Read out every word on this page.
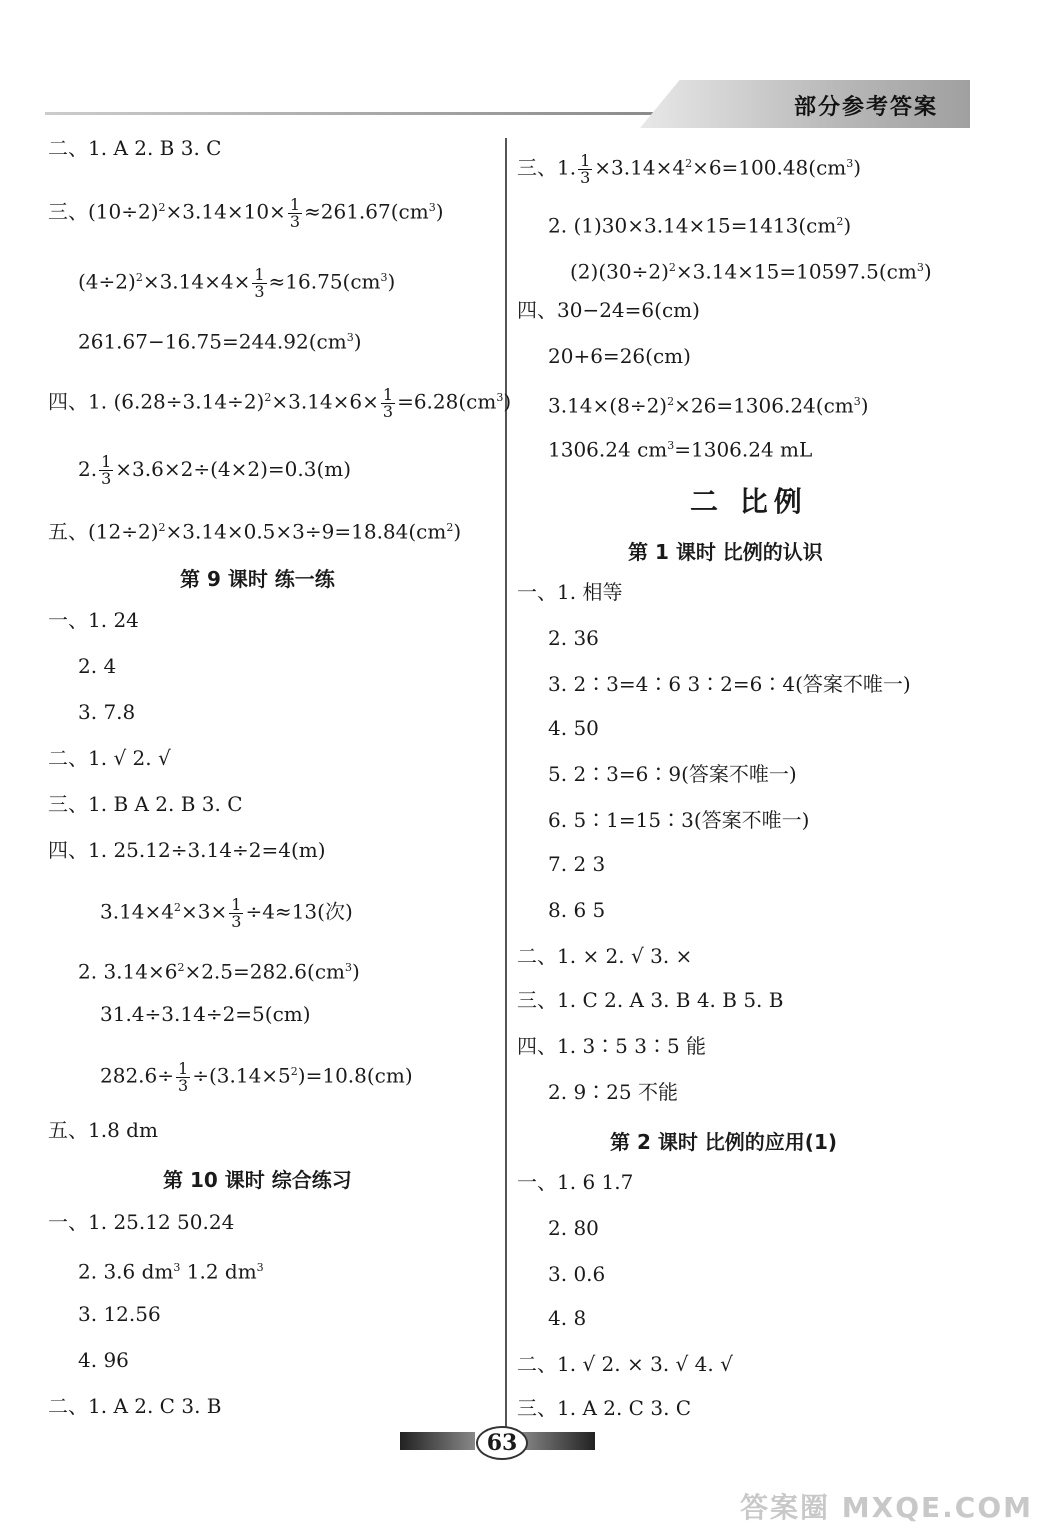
部分参考答案
二、1. A 2. B 3. C
三、$(10\div 2)^2\times 3.14\times 10\times \frac{1}{3} \approx 261.67(cm^3)$
$(4\div 2)^2\times 3.14\times 4\times \frac{1}{3} \approx 16.75(cm^3)$
$261.67-16.75=244.92(cm^3)$
四、1. $(6.28\div 3.14\div 2)^2\times 3.14\times 6\times \frac{1}{3} =6.28(cm^3)$
2. $\frac{1}{3} \times 3.6\times 2\div(4\times 2)=0.3(m)$
五、$(12\div 2)^2\times 3.14\times 0.5\times 3\div 9=18.84(cm^2)$
第 9 课时 练一练
一、1. 24
2. 4
3. 7.8
二、1. √ 2. √
三、1. B A 2. B 3. C
四、1. 25.12÷3.14÷2=4(m)
$3.14\times 4^2\times 3\times \frac{1}{3} \div 4\approx 13$(次)
2. $3.14\times 6^2\times 2.5=282.6(cm^3)$
31.4÷3.14÷2=5(cm)
$282.6\div \frac{1}{3} \div(3.14\times 5^2)=10.8(cm)$
五、1.8 dm
第 10 课时 综合练习
一、1. 25.12 50.24
2. 3.6 $dm^3$ 1.2 $dm^3$
3. 12.56
4. 96
二、1. A 2. C 3. B
三、1. $\frac{1}{3} \times 3.14\times 4^2\times 6=100.48(cm^3)$
2. $(1)30\times 3.14\times 15=1413(cm^2)$
$(2)(30\div 2)^2\times 3.14\times 15=10597.5(cm^3)$
四、30−24=6(cm)
20+6=26(cm)
$3.14\times(8\div 2)^2\times 26=1306.24(cm^3)$
1306.24 $cm^3=1306.24$ mL
二 比例
第 1 课时 比例的认识
一、1. 相等
2. 36
3. 2∶3=4∶6 3∶2=6∶4(答案不唯一)
4. 50
5. 2∶3=6∶9(答案不唯一)
6. 5∶1=15∶3(答案不唯一)
7. 2 3
8. 6 5
二、1. × 2. √ 3. ×
三、1. C 2. A 3. B 4. B 5. B
四、1. 3∶5 3∶5 能
2. 9∶25 不能
第 2 课时 比例的应用(1)
一、1. 6 1.7
2. 80
3. 0.6
4. 8
二、1. √ 2. × 3. √ 4. √
三、1. A 2. C 3. C
63
答案圈 MXQE.COM
